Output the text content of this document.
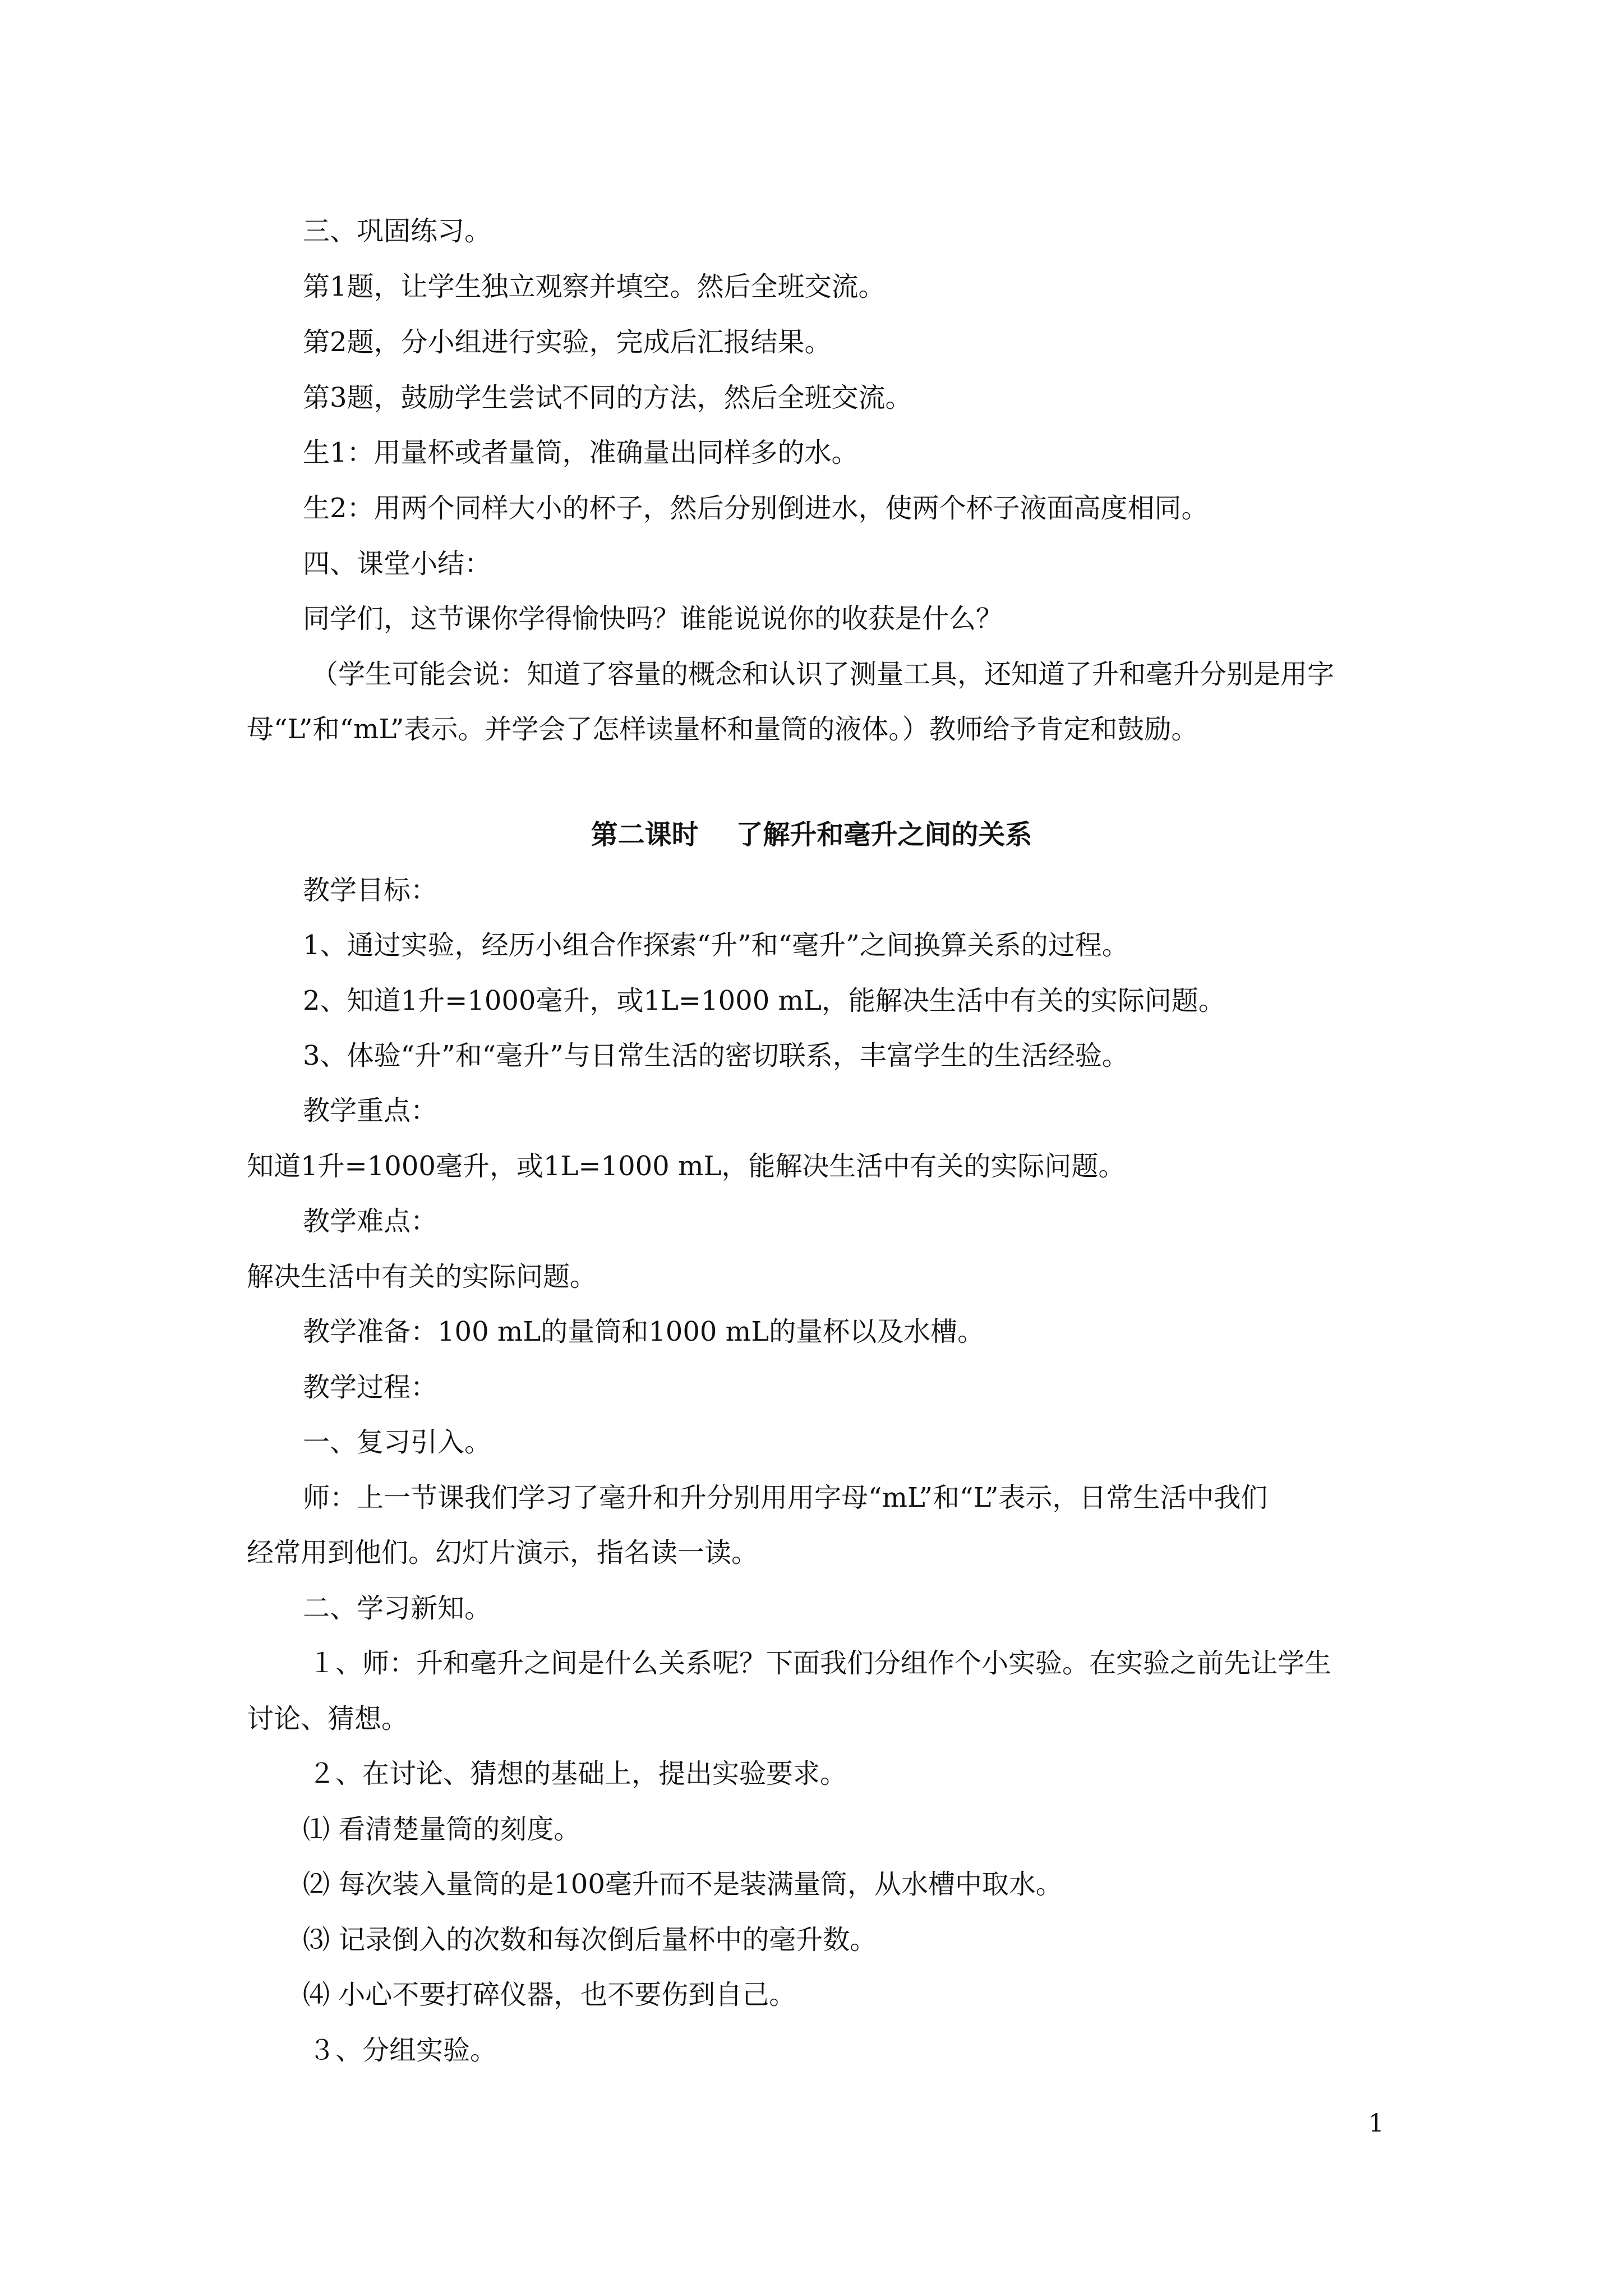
三、巩固练习。
第1题，让学生独立观察并填空。然后全班交流。
第2题，分小组进行实验，完成后汇报结果。
第3题，鼓励学生尝试不同的方法，然后全班交流。
生1：用量杯或者量筒，准确量出同样多的水。
生2：用两个同样大小的杯子，然后分别倒进水，使两个杯子液面高度相同。
四、课堂小结：
同学们，这节课你学得愉快吗？谁能说说你的收获是什么？
（学生可能会说：知道了容量的概念和认识了测量工具，还知道了升和毫升分别是用字
母“L”和“mL”表示。并学会了怎样读量杯和量筒的液体。）教师给予肯定和鼓励。
第二课时    了解升和毫升之间的关系
教学目标：
1、通过实验，经历小组合作探索“升”和“毫升”之间换算关系的过程。
2、知道1升=1000毫升，或1L=1000 mL，能解决生活中有关的实际问题。
3、体验“升”和“毫升”与日常生活的密切联系，丰富学生的生活经验。
教学重点：
知道1升=1000毫升，或1L=1000 mL，能解决生活中有关的实际问题。
教学难点：
解决生活中有关的实际问题。
教学准备：100 mL的量筒和1000 mL的量杯以及水槽。
教学过程：
一、复习引入。
师：上一节课我们学习了毫升和升分别用用字母“mL”和“L”表示，日常生活中我们
经常用到他们。幻灯片演示，指名读一读。
二、学习新知。
１、师：升和毫升之间是什么关系呢？下面我们分组作个小实验。在实验之前先让学生
讨论、猜想。
２、在讨论、猜想的基础上，提出实验要求。
⑴ 看清楚量筒的刻度。
⑵ 每次装入量筒的是100毫升而不是装满量筒，从水槽中取水。
⑶ 记录倒入的次数和每次倒后量杯中的毫升数。
⑷ 小心不要打碎仪器，也不要伤到自己。
３、分组实验。
1
